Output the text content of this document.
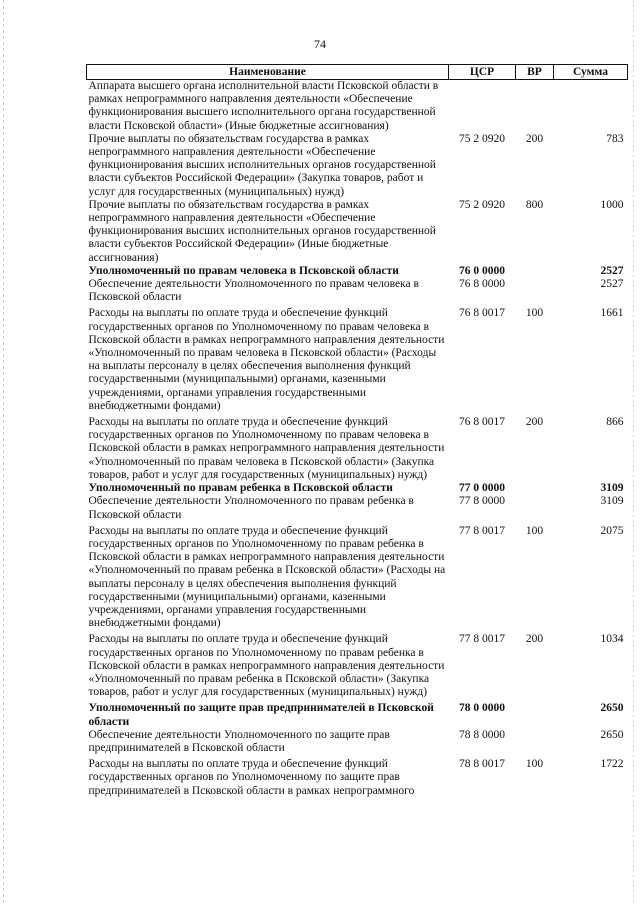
74
Наименование	ЦСР	ВР	Сумма
Аппарата высшего органа исполнительной власти Псковской области в рамках непрограммного направления деятельности «Обеспечение функционирования высшего исполнительного органа государственной власти Псковской области» (Иные бюджетные ассигнования)			
Прочие выплаты по обязательствам государства в рамках непрограммного направления деятельности «Обеспечение функционирования высших исполнительных органов государственной власти субъектов Российской Федерации» (Закупка товаров, работ и услуг для государственных (муниципальных) нужд)	75 2 0920	200	783
Прочие выплаты по обязательствам государства в рамках непрограммного направления деятельности «Обеспечение функционирования высших исполнительных органов государственной власти субъектов Российской Федерации» (Иные бюджетные ассигнования)	75 2 0920	800	1000
Уполномоченный по правам человека в Псковской области	76 0 0000		2527
Обеспечение деятельности Уполномоченного по правам человека в Псковской области	76 8 0000		2527
Расходы на выплаты по оплате труда и обеспечение функций государственных органов по Уполномоченному по правам человека в Псковской области в рамках непрограммного направления деятельности «Уполномоченный по правам человека в Псковской области» (Расходы на выплаты персоналу в целях обеспечения выполнения функций государственными (муниципальными) органами, казенными учреждениями, органами управления государственными внебюджетными фондами)	76 8 0017	100	1661
Расходы на выплаты по оплате труда и обеспечение функций государственных органов по Уполномоченному по правам человека в Псковской области в рамках непрограммного направления деятельности «Уполномоченный по правам человека в Псковской области» (Закупка товаров, работ и услуг для государственных (муниципальных) нужд)	76 8 0017	200	866
Уполномоченный по правам ребенка в Псковской области	77 0 0000		3109
Обеспечение деятельности Уполномоченного по правам ребенка в Псковской области	77 8 0000		3109
Расходы на выплаты по оплате труда и обеспечение функций государственных органов по Уполномоченному по правам ребенка в Псковской области в рамках непрограммного направления деятельности «Уполномоченный по правам ребенка в Псковской области» (Расходы на выплаты персоналу в целях обеспечения выполнения функций государственными (муниципальными) органами, казенными учреждениями, органами управления государственными внебюджетными фондами)	77 8 0017	100	2075
Расходы на выплаты по оплате труда и обеспечение функций государственных органов по Уполномоченному по правам ребенка в Псковской области в рамках непрограммного направления деятельности «Уполномоченный по правам ребенка в Псковской области» (Закупка товаров, работ и услуг для государственных (муниципальных) нужд)	77 8 0017	200	1034
Уполномоченный по защите прав предпринимателей в Псковской области	78 0 0000		2650
Обеспечение деятельности Уполномоченного по защите прав предпринимателей в Псковской области	78 8 0000		2650
Расходы на выплаты по оплате труда и обеспечение функций государственных органов по Уполномоченному по защите прав предпринимателей в Псковской области в рамках непрограммного	78 8 0017	100	1722
